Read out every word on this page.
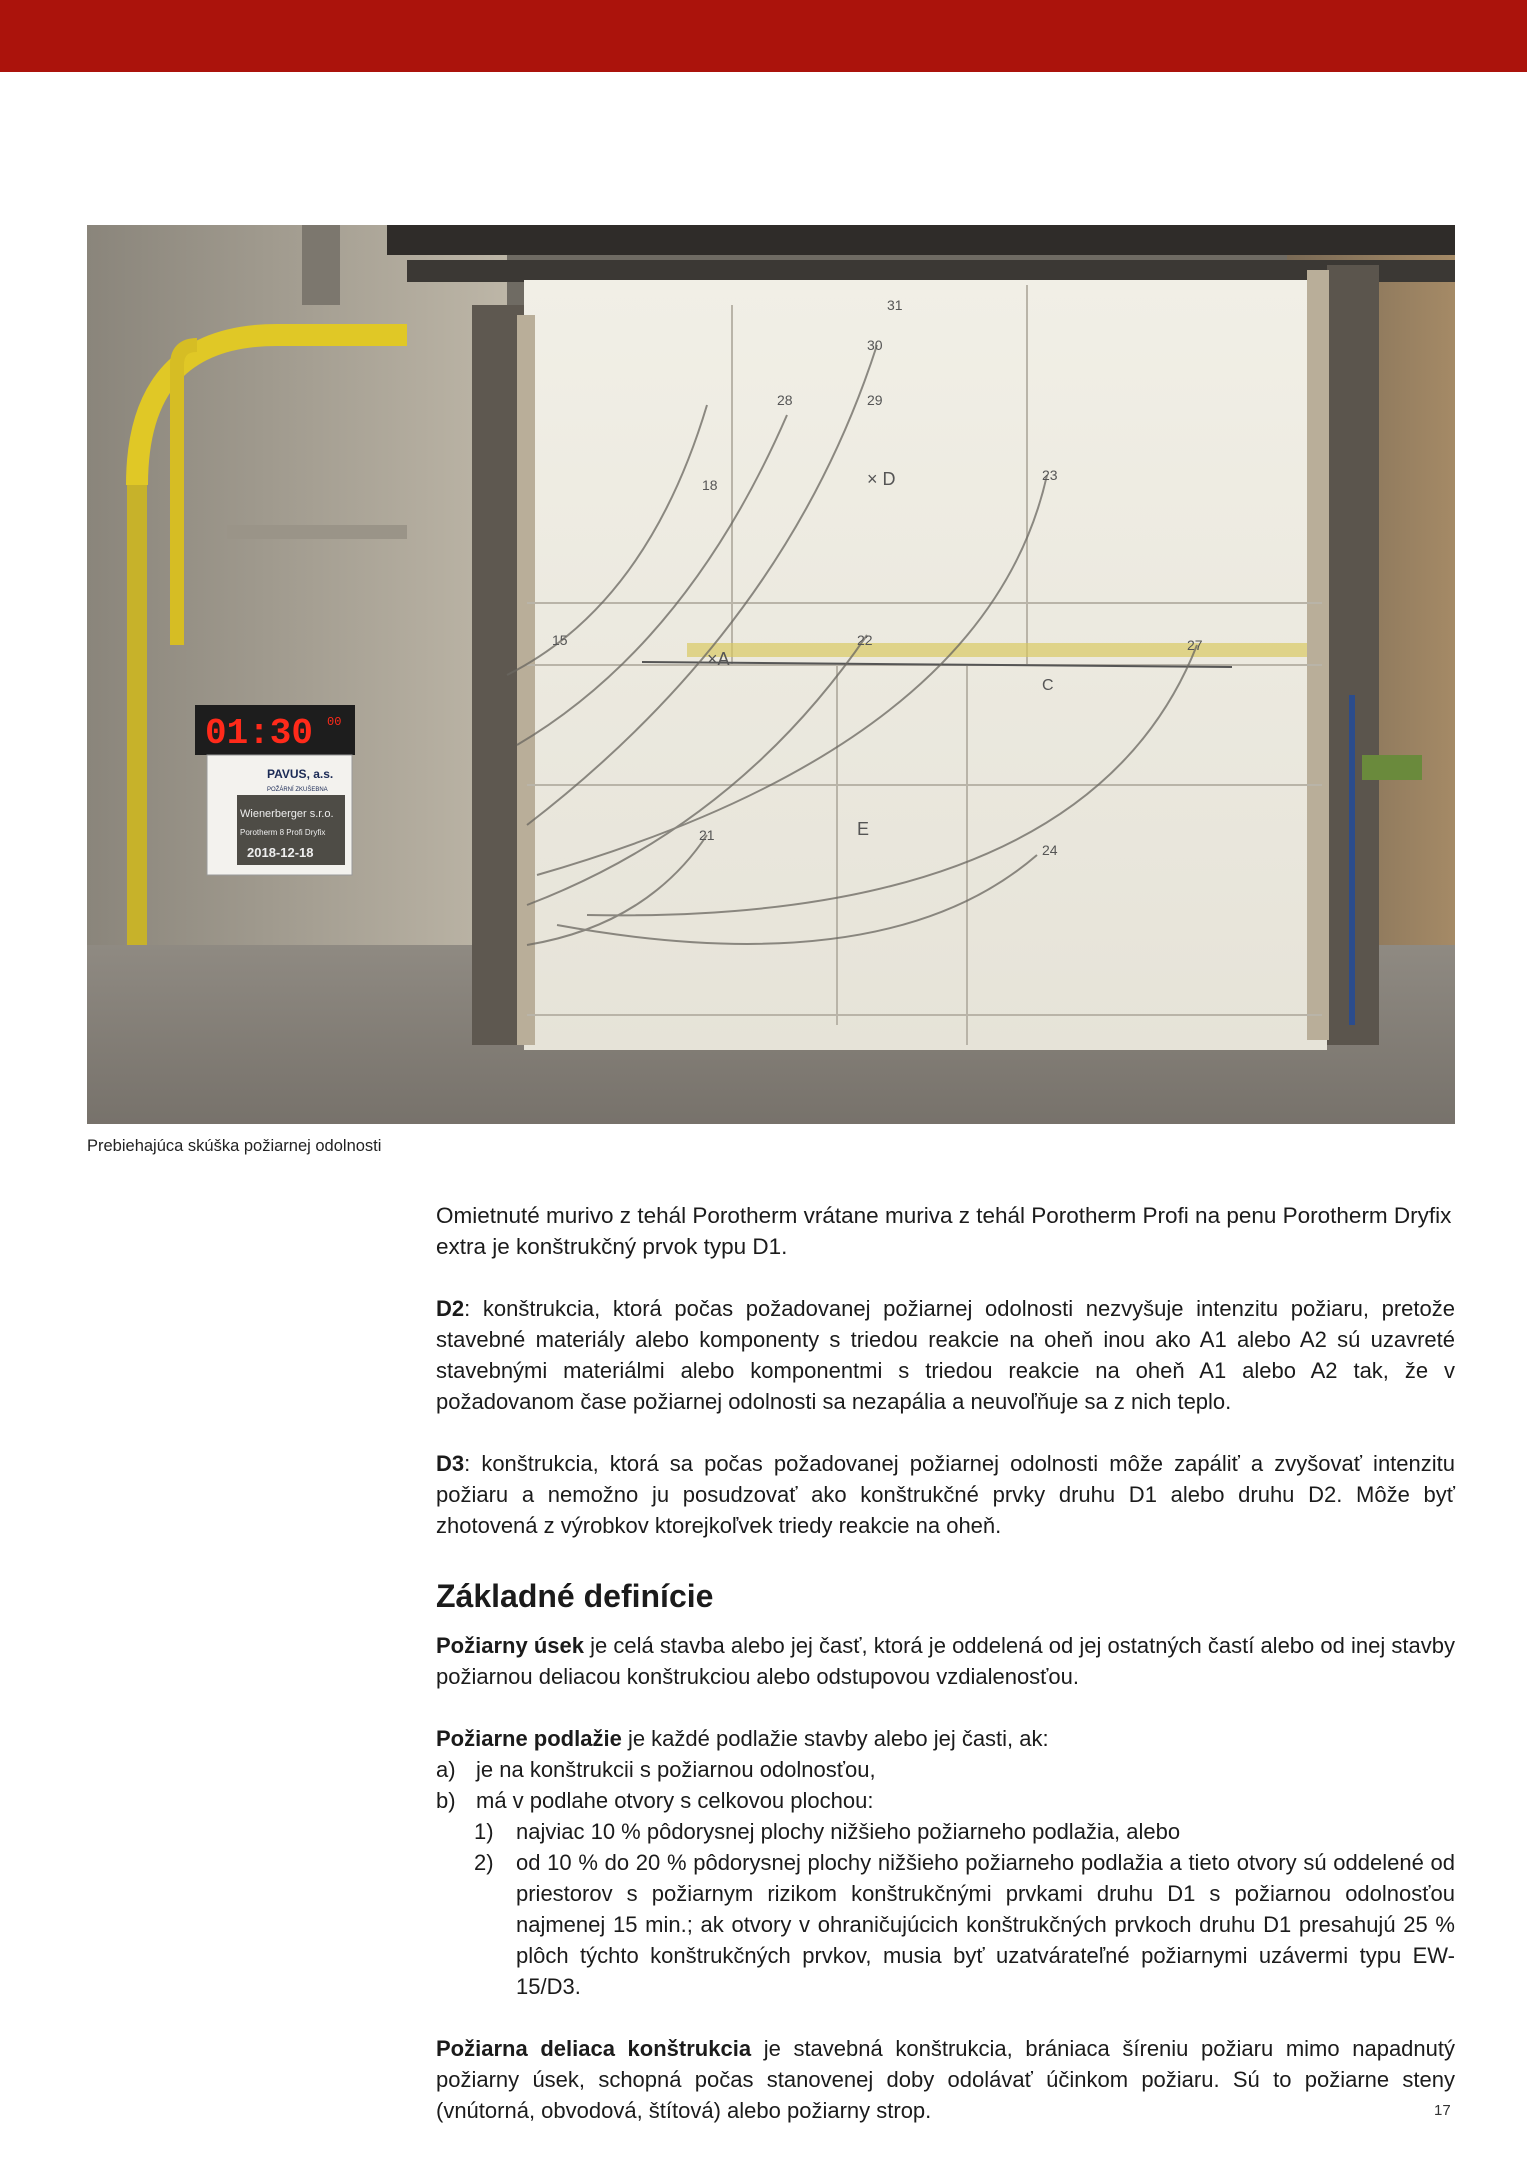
31
30
28	29
× D	23
18
15
×A
22
C
27
21	E
24
01:30 00
PAVUS, a.s.
POŽÁRNÍ ZKUŠEBNA
Wienerberger s.r.o.
Porotherm 8 Profi Dryfix
2018-12-18
Prebiehajúca skúška požiarnej odolnosti

Omietnuté murivo z tehál Porotherm vrátane muriva z tehál Porotherm Profi na penu Porotherm Dryfix extra je konštrukčný prvok typu D1.

D2: konštrukcia, ktorá počas požadovanej požiarnej odolnosti nezvyšuje intenzitu požiaru, pretože stavebné materiály alebo komponenty s triedou reakcie na oheň inou ako A1 alebo A2 sú uzavreté stavebnými materiálmi alebo komponentmi s triedou reakcie na oheň A1 alebo A2 tak, že v požadovanom čase požiarnej odolnosti sa nezapália a neuvoľňuje sa z nich teplo.

D3: konštrukcia, ktorá sa počas požadovanej požiarnej odolnosti môže zapáliť a zvyšovať intenzitu požiaru a nemožno ju posudzovať ako konštrukčné prvky druhu D1 alebo druhu D2. Môže byť zhotovená z výrobkov ktorejkoľvek triedy reakcie na oheň.

Základné definície

Požiarny úsek je celá stavba alebo jej časť, ktorá je oddelená od jej ostatných častí alebo od inej stavby požiarnou deliacou konštrukciou alebo odstupovou vzdialenosťou.

Požiarne podlažie je každé podlažie stavby alebo jej časti, ak:

a) je na konštrukcii s požiarnou odolnosťou,
b) má v podlahe otvory s celkovou plochou:
1)	najviac 10 % pôdorysnej plochy nižšieho požiarneho podlažia, alebo
2)	od 10 % do 20 % pôdorysnej plochy nižšieho požiarneho podlažia a tieto otvory sú oddelené od priestorov s požiarnym rizikom konštrukčnými prvkami druhu D1 s požiarnou odolnosťou najmenej 15 min.; ak otvory v ohraničujúcich konštrukčných prvkoch druhu D1 presahujú 25 % plôch týchto konštrukčných prvkov, musia byť uzatvárateľné požiarnymi uzávermi typu EW-15/D3.

Požiarna deliaca konštrukcia je stavebná konštrukcia, brániaca šíreniu požiaru mimo napadnutý požiarny úsek, schopná počas stanovenej doby odolávať účinkom požiaru. Sú to požiarne steny (vnútorná, obvodová, štítová) alebo požiarny strop.	17
